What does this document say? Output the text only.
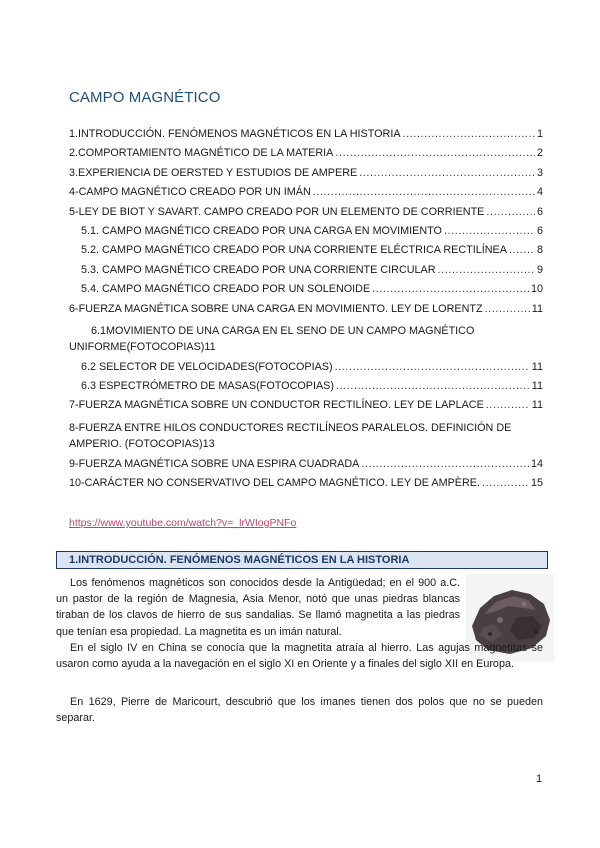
CAMPO MAGNÉTICO
1.INTRODUCCIÓN. FENÓMENOS MAGNÉTICOS EN LA HISTORIA .....	1
2.COMPORTAMIENTO MAGNÉTICO DE LA MATERIA .....	2
3.EXPERIENCIA DE OERSTED Y ESTUDIOS DE AMPERE .....	3
4-CAMPO MAGNÉTICO CREADO POR UN IMÁN .....	4
5-LEY DE BIOT Y SAVART. CAMPO CREADO POR UN ELEMENTO DE CORRIENTE .....	6
5.1. CAMPO MAGNÉTICO CREADO POR UNA CARGA EN MOVIMIENTO .....	6
5.2. CAMPO MAGNÉTICO CREADO POR UNA CORRIENTE ELÉCTRICA RECTILÍNEA .....	8
5.3. CAMPO MAGNÉTICO CREADO POR UNA CORRIENTE CIRCULAR .....	9
5.4. CAMPO MAGNÉTICO CREADO POR UN SOLENOIDE .....	10
6-FUERZA MAGNÉTICA SOBRE UNA CARGA EN MOVIMIENTO. LEY DE LORENTZ .....	11
6.1MOVIMIENTO DE UNA CARGA EN EL SENO DE UN CAMPO MAGNÉTICO
UNIFORME(FOTOCOPIAS) 11
6.2 SELECTOR DE VELOCIDADES(FOTOCOPIAS) .....	11
6.3 ESPECTRÓMETRO DE MASAS(FOTOCOPIAS) .....	11
7-FUERZA MAGNÉTICA SOBRE UN CONDUCTOR RECTILÍNEO. LEY DE LAPLACE .....	11
8-FUERZA ENTRE HILOS CONDUCTORES RECTILÍNEOS PARALELOS. DEFINICIÓN DE
AMPERIO. (FOTOCOPIAS) 13
9-FUERZA MAGNÉTICA SOBRE UNA ESPIRA CUADRADA .....	14
10-CARÁCTER NO CONSERVATIVO DEL CAMPO MAGNÉTICO. LEY DE AMPÈRE. .....	15
https://www.youtube.com/watch?v=_lrWIogPNFo
1.INTRODUCCIÓN. FENÓMENOS MAGNÉTICOS EN LA HISTORIA
Los fenómenos magnéticos son conocidos desde la Antigüedad; en el 900 a.C. un pastor de la región de Magnesia, Asia Menor, notó que unas piedras blancas tiraban de los clavos de hierro de sus sandalias. Se llamó magnetita a las piedras que tenían esa propiedad. La magnetita es un imán natural.
En el siglo IV en China se conocía que la magnetita atraía al hierro. Las agujas magnetitas se usaron como ayuda a la navegación en el siglo XI en Oriente y a finales del siglo XII en Europa.
En 1629, Pierre de Maricourt, descubrió que los imanes tienen dos polos que no se pueden separar.
1
